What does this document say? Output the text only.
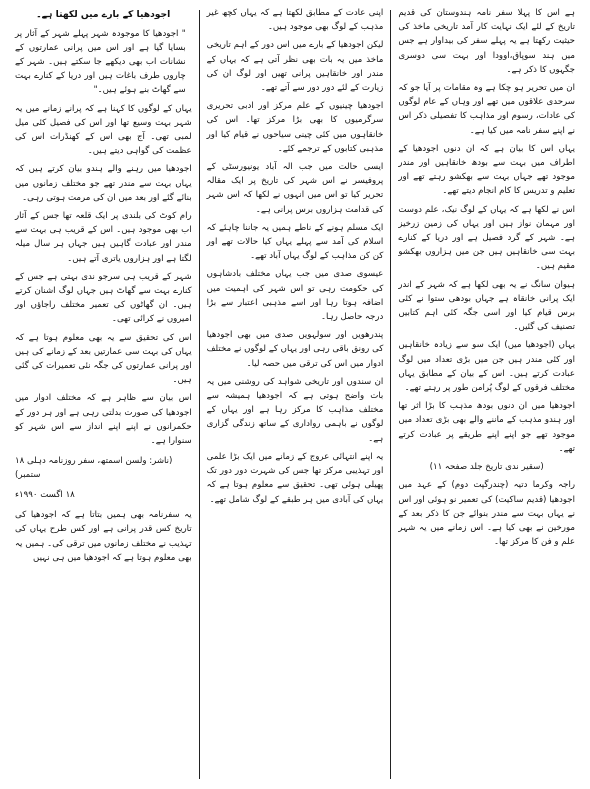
ہے اس کا پہلا سفر نامہ ہندوستان کی قدیم تاریخ کے لئے ایک نہایت کار آمد تاریخی ماخذ کی حیثیت رکھتا ہے یہ پہلے سفر کی بیداوار ہے جس میں ہند سوپاق،اوودا اور بہت سی دوسری جگہوں کا ذکر ہے۔

ان میں تحریر ہو چکا ہے وہ مقامات پر آیا جو کہ سرحدی علاقوں میں تھے اور وہاں کے عام لوگوں کی عادات، رسوم اور مذاہب کا تفصیلی ذکر اس نے اپنے سفر نامہ میں کیا ہے۔

یہاں اس کا بیان ہے کہ ان دنوں اجودھیا کے اطراف میں بہت سے بودھ خانقاہیں اور مندر موجود تھے جہاں بہت سے بھکشو رہتے تھے اور تعلیم و تدریس کا کام انجام دیتے تھے۔

اس نے لکھا ہے کہ یہاں کے لوگ نیک، علم دوست اور مہمان نواز ہیں اور یہاں کی زمین زرخیز ہے۔ شہر کے گرد فصیل ہے اور دریا کے کنارے بہت سی خانقاہیں ہیں جن میں ہزاروں بھکشو مقیم ہیں۔

ہیوان سانگ نے یہ بھی لکھا ہے کہ شہر کے اندر ایک پرانی خانقاہ ہے جہاں بودھی ستوا نے کئی برس قیام کیا اور اسی جگہ کئی اہم کتابیں تصنیف کی گئیں۔

یہاں (اجودھیا میں) ایک سو سے زیادہ خانقاہیں اور کئی مندر ہیں جن میں بڑی تعداد میں لوگ عبادت کرتے ہیں۔ اس کے بیان کے مطابق یہاں مختلف فرقوں کے لوگ پُرامن طور پر رہتے تھے۔

اجودھیا میں ان دنوں بودھ مذہب کا بڑا اثر تھا اور ہندو مذہب کے ماننے والے بھی بڑی تعداد میں موجود تھے جو اپنے اپنے طریقے پر عبادت کرتے تھے۔

(سقیر ندی تاریخ جلد صفحہ ۱۱)

راجہ وکرما دتیہ (چندرگپت دوم) کے عہد میں اجودھیا (قدیم ساکیت) کی تعمیر نو ہوئی اور اس نے یہاں بہت سے مندر بنوائے جن کا ذکر بعد کے مورخین نے بھی کیا ہے۔ اس زمانے میں یہ شہر علم و فن کا مرکز تھا۔

اپنی عادت کے مطابق لکھتا ہے کہ یہاں کچھ غیر مذہب کے لوگ بھی موجود ہیں۔

لیکن اجودھیا کے بارے میں اس دور کے اہم تاریخی ماخذ میں یہ بات بھی نظر آتی ہے کہ یہاں کے مندر اور خانقاہیں پرانی تھیں اور لوگ ان کی زیارت کے لئے دور دور سے آتے تھے۔

اجودھیا چینیوں کے علم مرکز اور ادبی تحریری سرگرمیوں کا بھی بڑا مرکز تھا۔ اس کی خانقاہوں میں کئی چینی سیاحوں نے قیام کیا اور مذہبی کتابوں کے ترجمے کئے۔

ایسی حالت میں جب الہ آباد یونیورسٹی کے پروفیسر نے اس شہر کی تاریخ پر ایک مقالہ تحریر کیا تو اس میں انہوں نے لکھا کہ اس شہر کی قدامت ہزاروں برس پرانی ہے۔

ایک مسلم ہونے کے ناطے ہمیں یہ جاننا چاہئے کہ اسلام کی آمد سے پہلے یہاں کیا حالات تھے اور کن کن مذاہب کے لوگ یہاں آباد تھے۔

عیسوی صدی میں جب یہاں مختلف بادشاہوں کی حکومت رہی تو اس شہر کی اہمیت میں اضافہ ہوتا رہا اور اسے مذہبی اعتبار سے بڑا درجہ حاصل رہا۔

پندرھویں اور سولہویں صدی میں بھی اجودھیا کی رونق باقی رہی اور یہاں کے لوگوں نے مختلف ادوار میں اس کی ترقی میں حصہ لیا۔

ان سندوں اور تاریخی شواہد کی روشنی میں یہ بات واضح ہوتی ہے کہ اجودھیا ہمیشہ سے مختلف مذاہب کا مرکز رہا ہے اور یہاں کے لوگوں نے باہمی رواداری کے ساتھ زندگی گزاری ہے۔

یہ اپنے انتہائی عروج کے زمانے میں ایک بڑا علمی اور تہذیبی مرکز تھا جس کی شہرت دور دور تک پھیلی ہوئی تھی۔ تحقیق سے معلوم ہوتا ہے کہ یہاں کی آبادی میں ہر طبقے کے لوگ شامل تھے۔

اجودھیا کے بارے میں لکھتا ہے۔

" اجودھیا کا موجودہ شہر پہلے شہر کے آثار پر بسایا گیا ہے اور اس میں پرانی عمارتوں کے نشانات اب بھی دیکھے جا سکتے ہیں۔ شہر کے چاروں طرف باغات ہیں اور دریا کے کنارے بہت سے گھاٹ بنے ہوئے ہیں۔"

یہاں کے لوگوں کا کہنا ہے کہ پرانے زمانے میں یہ شہر بہت وسیع تھا اور اس کی فصیل کئی میل لمبی تھی۔ آج بھی اس کے کھنڈرات اس کی عظمت کی گواہی دیتے ہیں۔

اجودھیا میں رہنے والے ہندو بیان کرتے ہیں کہ یہاں بہت سے مندر تھے جو مختلف زمانوں میں بنائے گئے اور بعد میں ان کی مرمت ہوتی رہی۔

رام کوٹ کی بلندی پر ایک قلعہ تھا جس کے آثار اب بھی موجود ہیں۔ اس کے قریب ہی بہت سے مندر اور عبادت گاہیں ہیں جہاں ہر سال میلہ لگتا ہے اور ہزاروں یاتری آتے ہیں۔

شہر کے قریب ہی سرجو ندی بہتی ہے جس کے کنارے بہت سے گھاٹ ہیں جہاں لوگ اشنان کرتے ہیں۔ ان گھاٹوں کی تعمیر مختلف راجاؤں اور امیروں نے کرائی تھی۔

اس کی تحقیق سے یہ بھی معلوم ہوتا ہے کہ یہاں کی بہت سی عمارتیں بعد کے زمانے کی ہیں اور پرانی عمارتوں کی جگہ نئی تعمیرات کی گئی ہیں۔

اس بیان سے ظاہر ہے کہ مختلف ادوار میں اجودھیا کی صورت بدلتی رہی ہے اور ہر دور کے حکمرانوں نے اپنے اپنے انداز سے اس شہر کو سنوارا ہے۔

(ناشر: ولسن اسمتھ، سفر روزنامہ دہلی ۱۸ ستمبر)

۱۸ اگست ۱۹۹۰ء

یہ سفرنامہ بھی ہمیں بتاتا ہے کہ اجودھیا کی تاریخ کس قدر پرانی ہے اور کس طرح یہاں کی تہذیب نے مختلف زمانوں میں ترقی کی۔ ہمیں یہ بھی معلوم ہوتا ہے کہ اجودھیا میں ہی نہیں
